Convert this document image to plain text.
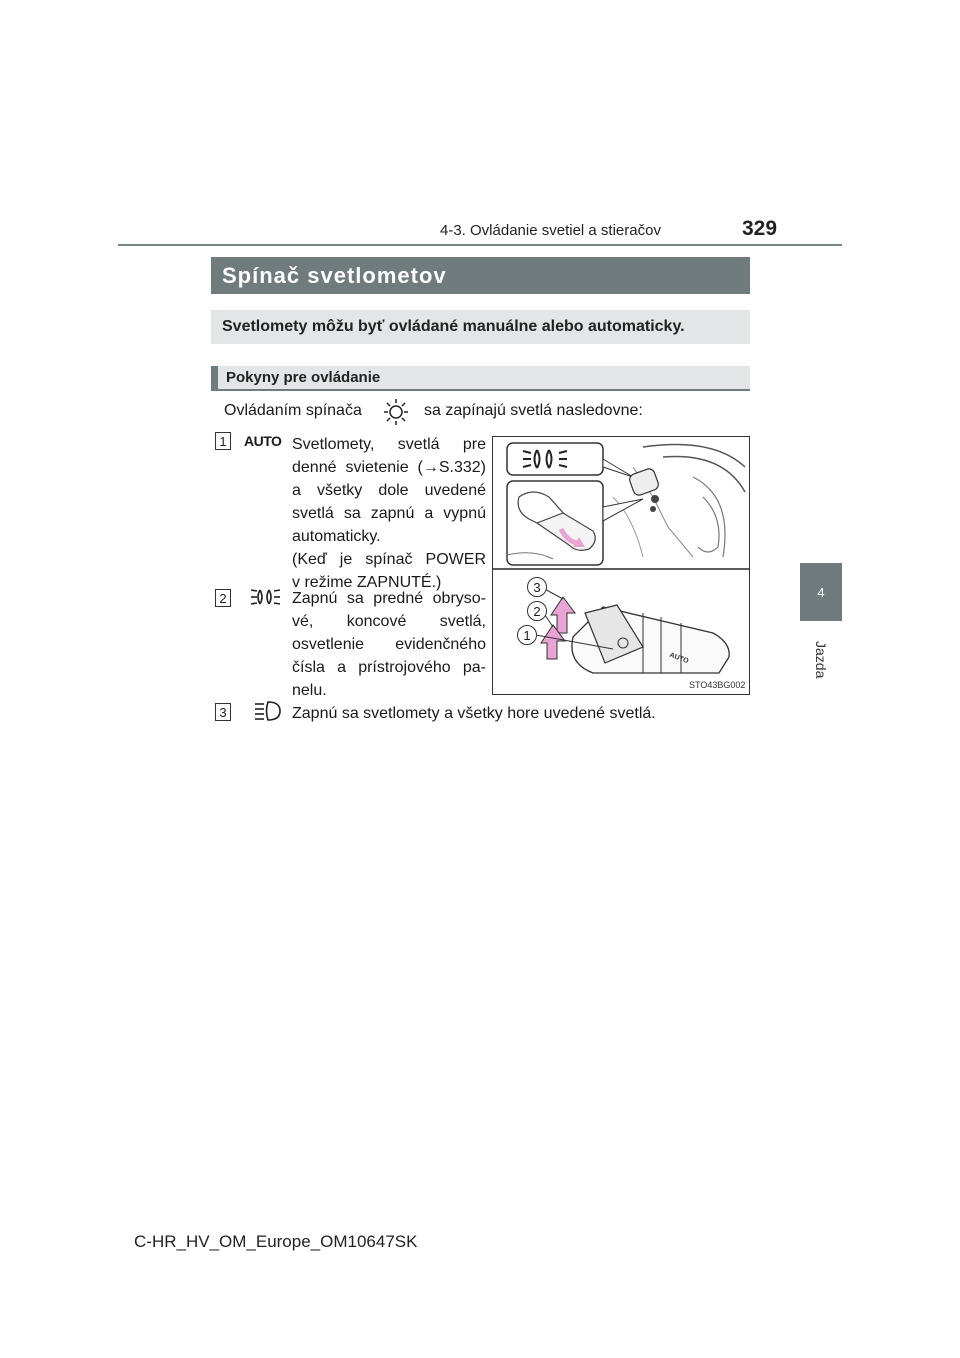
4-3. Ovládanie svetiel a stieračov	329
4
Jazda
Spínač svetlometov
Svetlomety môžu byť ovládané manuálne alebo automaticky.
Pokyny pre ovládanie
Ovládaním spínača	sa zapínajú svetlá nasledovne:
1	AUTO Svetlomety, svetlá pre
denné svietenie (→S.332)
a všetky dole uvedené
svetlá sa zapnú a vypnú
automaticky.
(Keď je spínač POWER
v režime ZAPNUTÉ.)
2	Zapnú sa predné obryso-
vé, koncové svetlá,
osvetlenie evidenčného
čísla a prístrojového pa-
nelu.
3	Zapnú sa svetlomety a všetky hore uvedené svetlá.
3
2
1
AUTO
STO43BG002
C-HR_HV_OM_Europe_OM10647SK
